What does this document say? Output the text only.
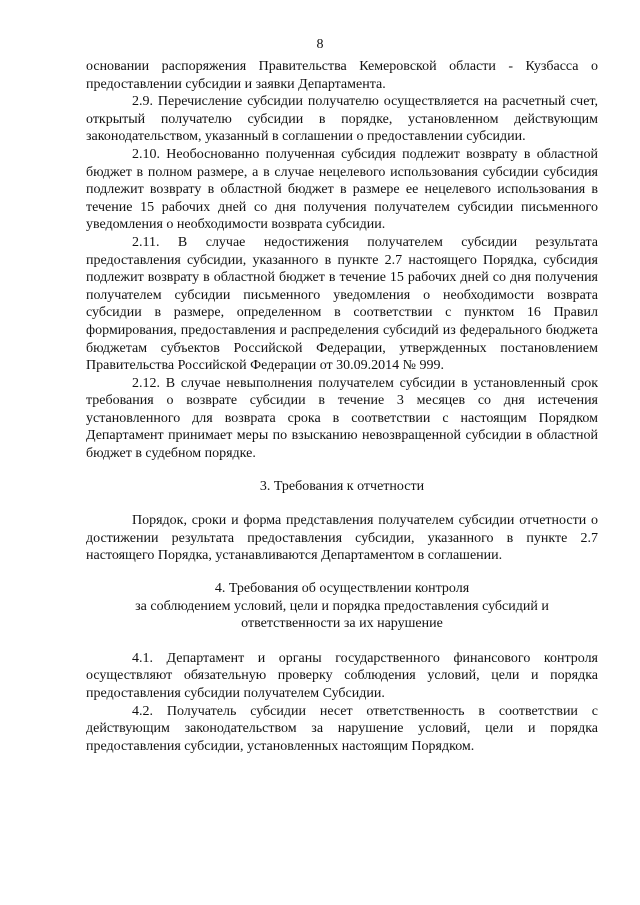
8

основании распоряжения Правительства Кемеровской области - Кузбасса о предоставлении субсидии и заявки Департамента.

2.9. Перечисление субсидии получателю осуществляется на расчетный счет, открытый получателю субсидии в порядке, установленном действующим законодательством, указанный в соглашении о предоставлении субсидии.

2.10. Необоснованно полученная субсидия подлежит возврату в областной бюджет в полном размере, а в случае нецелевого использования субсидии субсидия подлежит возврату в областной бюджет в размере ее нецелевого использования в течение 15 рабочих дней со дня получения получателем субсидии письменного уведомления о необходимости возврата субсидии.

2.11. В случае недостижения получателем субсидии результата предоставления субсидии, указанного в пункте 2.7 настоящего Порядка, субсидия подлежит возврату в областной бюджет в течение 15 рабочих дней со дня получения получателем субсидии письменного уведомления о необходимости возврата субсидии в размере, определенном в соответствии с пунктом 16 Правил формирования, предоставления и распределения субсидий из федерального бюджета бюджетам субъектов Российской Федерации, утвержденных постановлением Правительства Российской Федерации от 30.09.2014 № 999.

2.12. В случае невыполнения получателем субсидии в установленный срок требования о возврате субсидии в течение 3 месяцев со дня истечения установленного для возврата срока в соответствии с настоящим Порядком Департамент принимает меры по взысканию невозвращенной субсидии в областной бюджет в судебном порядке.

3. Требования к отчетности

Порядок, сроки и форма представления получателем субсидии отчетности о достижении результата предоставления субсидии, указанного в пункте 2.7 настоящего Порядка, устанавливаются Департаментом в соглашении.

4. Требования об осуществлении контроля
за соблюдением условий, цели и порядка предоставления субсидий и
ответственности за их нарушение

4.1. Департамент и органы государственного финансового контроля осуществляют обязательную проверку соблюдения условий, цели и порядка предоставления субсидии получателем Субсидии.

4.2. Получатель субсидии несет ответственность в соответствии с действующим законодательством за нарушение условий, цели и порядка предоставления субсидии, установленных настоящим Порядком.
